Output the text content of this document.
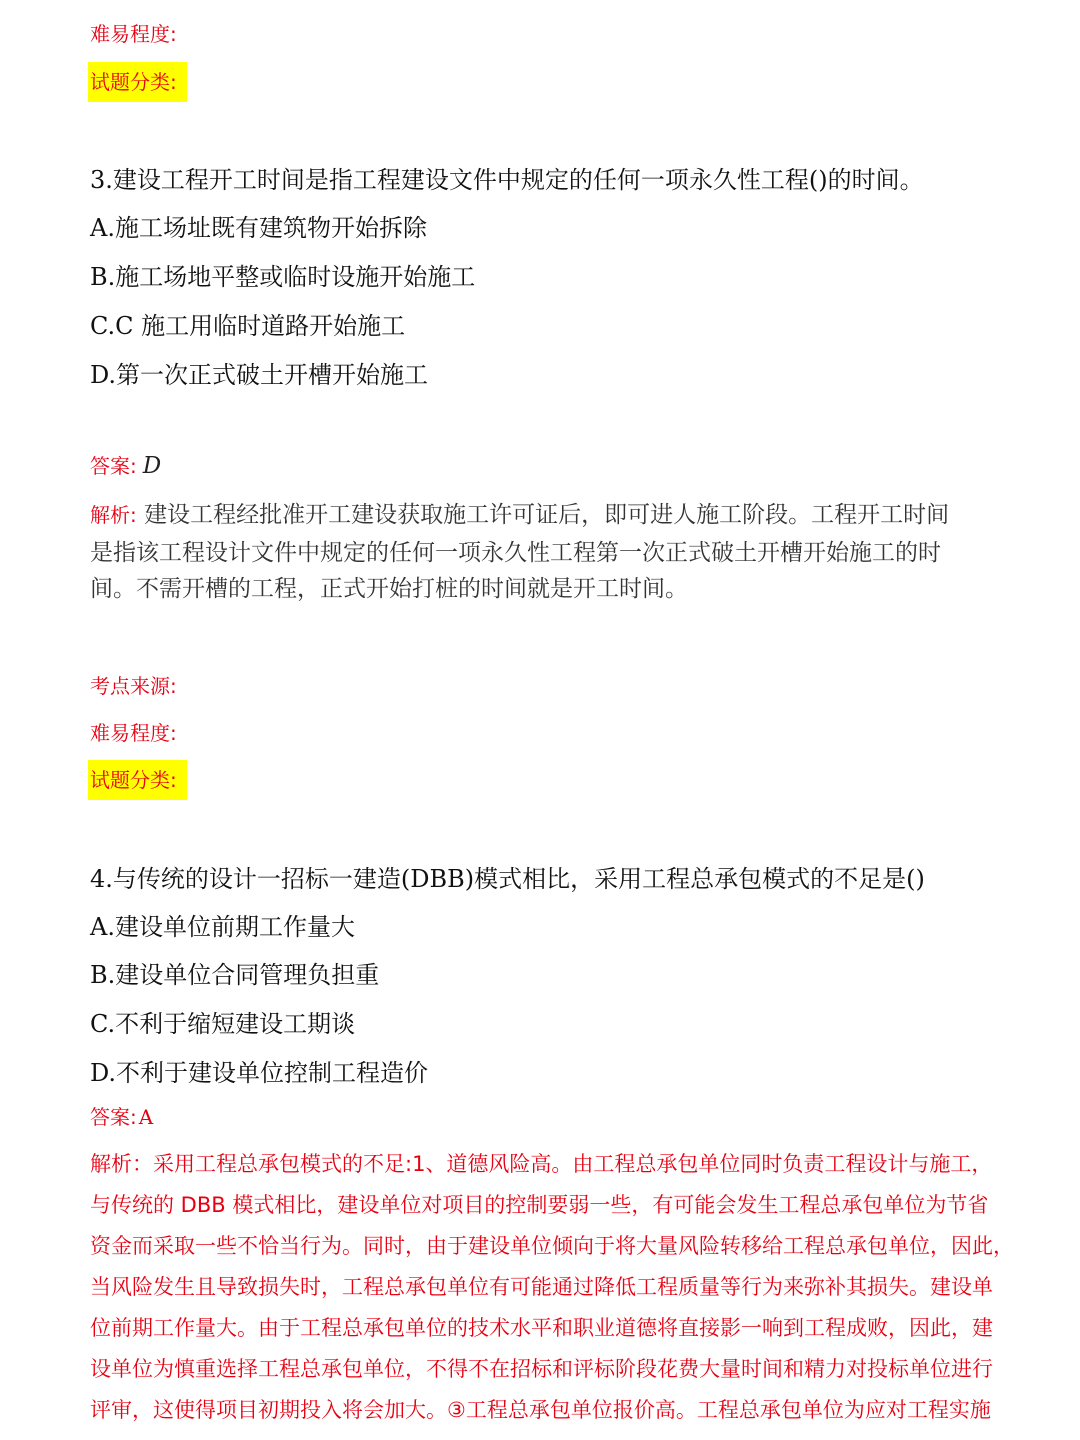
难易程度:
试题分类:
3.建设工程开工时间是指工程建设文件中规定的任何一项永久性工程()的时间。
A.施工场址既有建筑物开始拆除
B.施工场地平整或临时设施开始施工
C.C 施工用临时道路开始施工
D.第一次正式破土开槽开始施工
答案: D
解析: 建设工程经批准开工建设获取施工许可证后，即可进人施工阶段。工程开工时间
是指该工程设计文件中规定的任何一项永久性工程第一次正式破土开槽开始施工的时
间。不需开槽的工程，正式开始打桩的时间就是开工时间。
考点来源:
难易程度:
试题分类:
4.与传统的设计一招标一建造(DBB)模式相比，采用工程总承包模式的不足是()
A.建设单位前期工作量大
B.建设单位合同管理负担重
C.不利于缩短建设工期谈
D.不利于建设单位控制工程造价
答案: A
解析：采用工程总承包模式的不足:1、道德风险高。由工程总承包单位同时负责工程设计与施工，
与传统的 DBB 模式相比，建设单位对项目的控制要弱一些，有可能会发生工程总承包单位为节省
资金而采取一些不恰当行为。同时，由于建设单位倾向于将大量风险转移给工程总承包单位，因此，
当风险发生且导致损失时，工程总承包单位有可能通过降低工程质量等行为来弥补其损失。建设单
位前期工作量大。由于工程总承包单位的技术水平和职业道德将直接影一响到工程成败，因此，建
设单位为慎重选择工程总承包单位，不得不在招标和评标阶段花费大量时间和精力对投标单位进行
评审，这使得项目初期投入将会加大。③工程总承包单位报价高。工程总承包单位为应对工程实施
